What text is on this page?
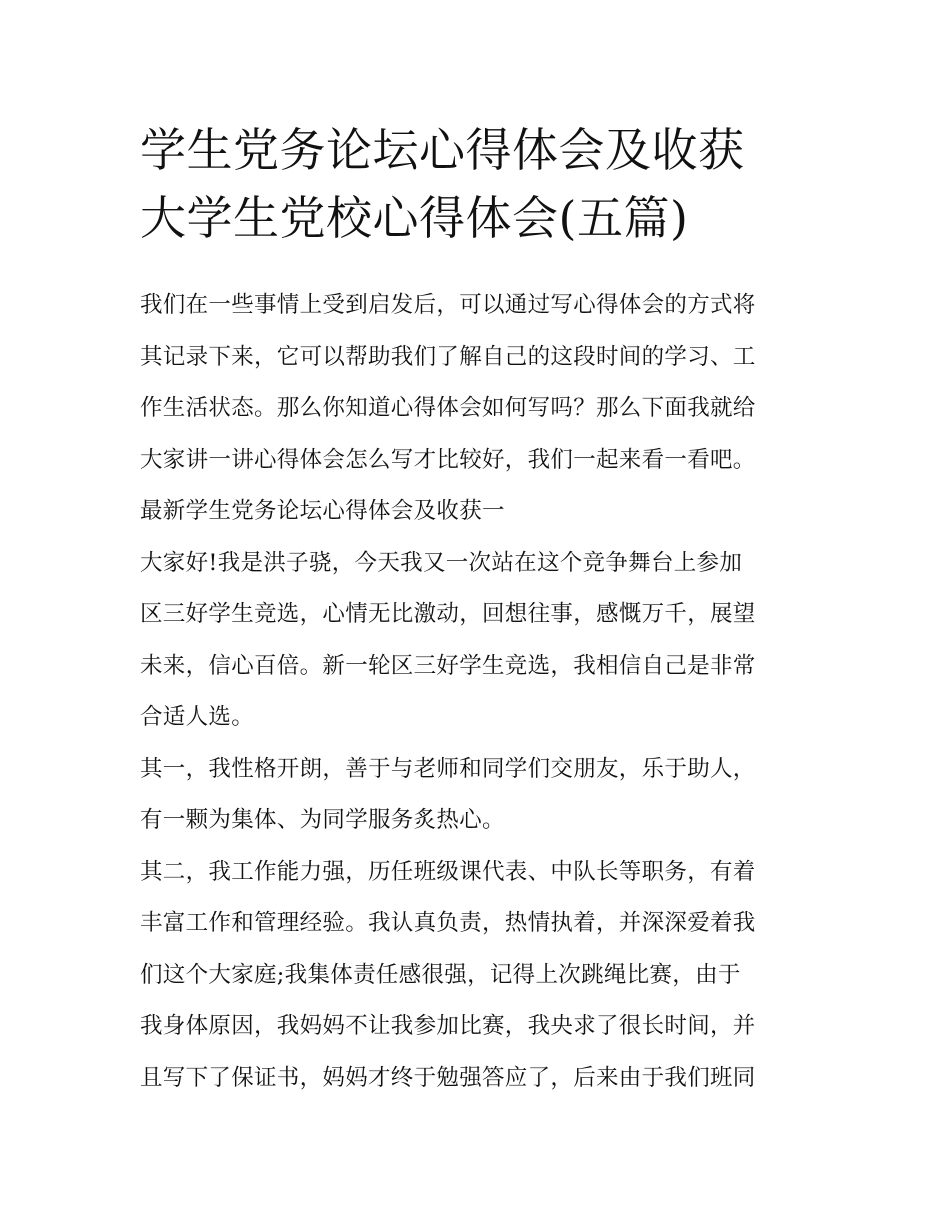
学生党务论坛心得体会及收获
大学生党校心得体会(五篇)

我们在一些事情上受到启发后，可以通过写心得体会的方式将
其记录下来，它可以帮助我们了解自己的这段时间的学习、工
作生活状态。那么你知道心得体会如何写吗？那么下面我就给
大家讲一讲心得体会怎么写才比较好，我们一起来看一看吧。

最新学生党务论坛心得体会及收获一

大家好!我是洪子骁，今天我又一次站在这个竞争舞台上参加
区三好学生竞选，心情无比激动，回想往事，感慨万千，展望
未来，信心百倍。新一轮区三好学生竞选，我相信自己是非常
合适人选。

其一，我性格开朗，善于与老师和同学们交朋友，乐于助人，
有一颗为集体、为同学服务炙热心。

其二，我工作能力强，历任班级课代表、中队长等职务，有着
丰富工作和管理经验。我认真负责，热情执着，并深深爱着我
们这个大家庭;我集体责任感很强，记得上次跳绳比赛，由于
我身体原因，我妈妈不让我参加比赛，我央求了很长时间，并
且写下了保证书，妈妈才终于勉强答应了，后来由于我们班同
